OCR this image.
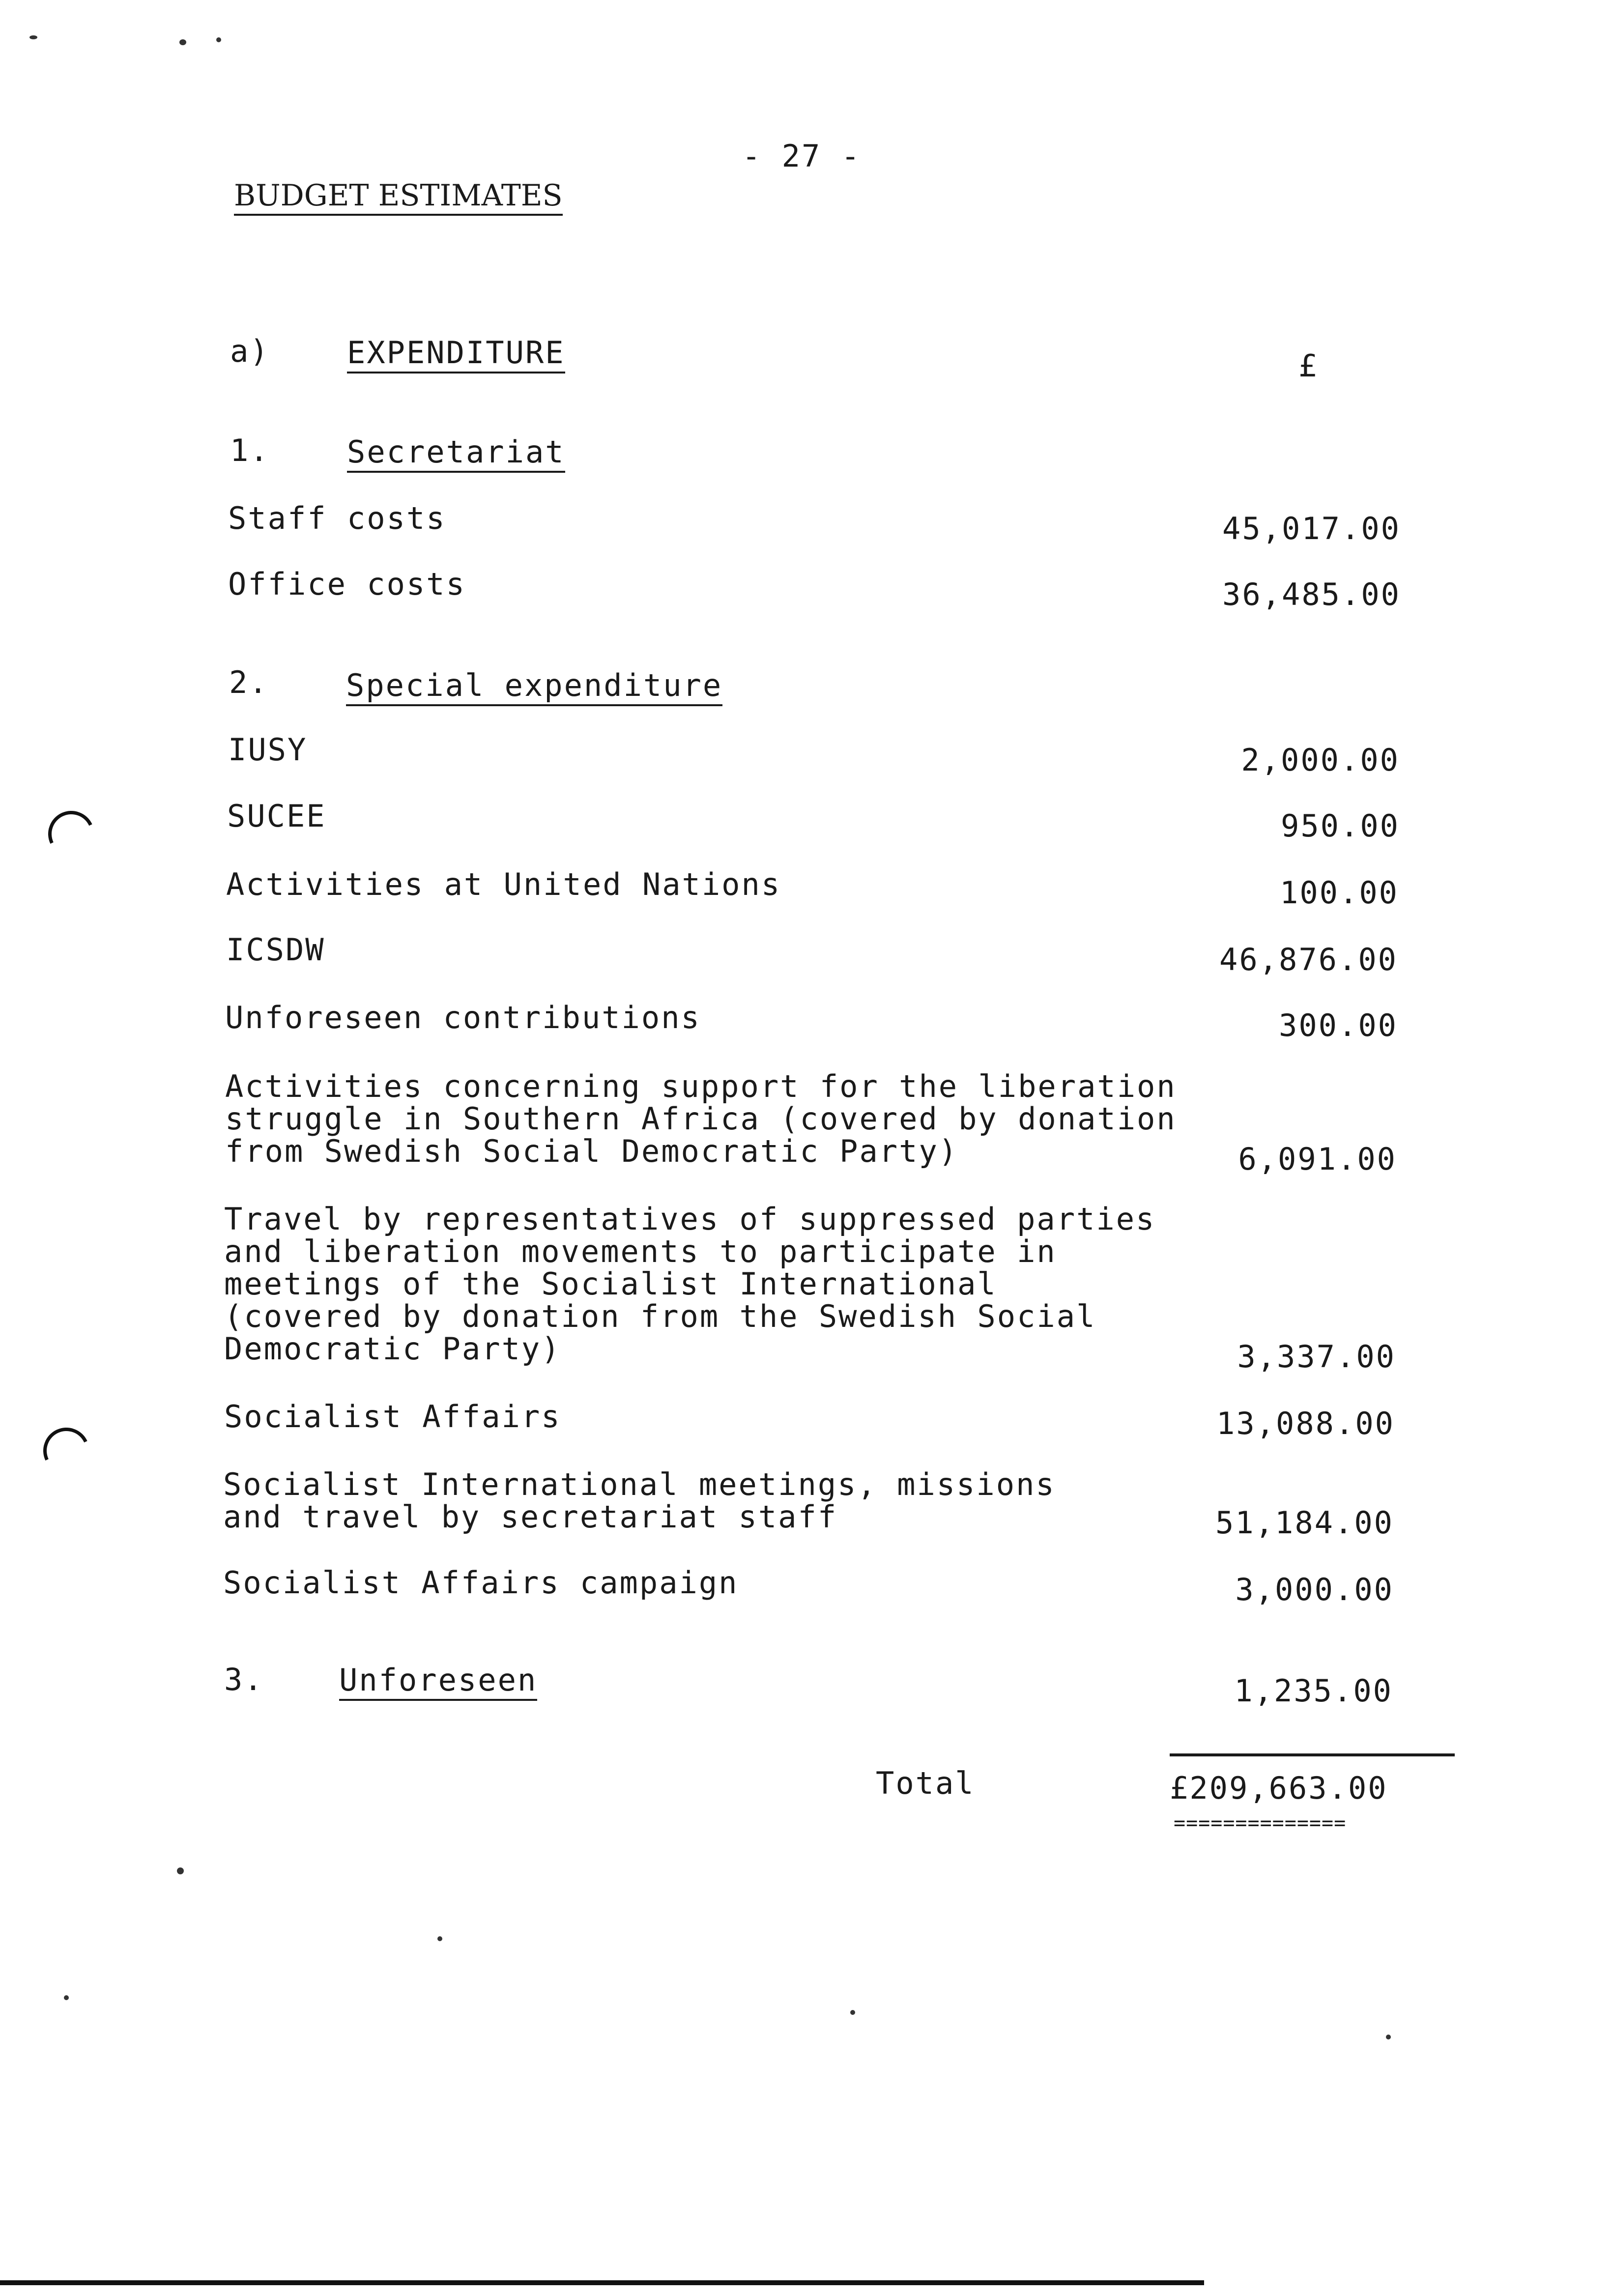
- 27 -
BUDGET ESTIMATES
a)	EXPENDITURE	£
1.	Secretariat
Staff costs	45,017.00
Office costs	36,485.00
2.	Special expenditure
IUSY	2,000.00
SUCEE	950.00
Activities at United Nations	100.00
ICSDW	46,876.00
Unforeseen contributions	300.00
Activities concerning support for the liberation
struggle in Southern Africa (covered by donation
from Swedish Social Democratic Party)	6,091.00
Travel by representatives of suppressed parties
and liberation movements to participate in
meetings of the Socialist International
(covered by donation from the Swedish Social
Democratic Party)	3,337.00
Socialist Affairs	13,088.00
Socialist International meetings, missions
and travel by secretariat staff	51,184.00
Socialist Affairs campaign	3,000.00
3. Unforeseen	1,235.00
Total	£209,663.00
==============
